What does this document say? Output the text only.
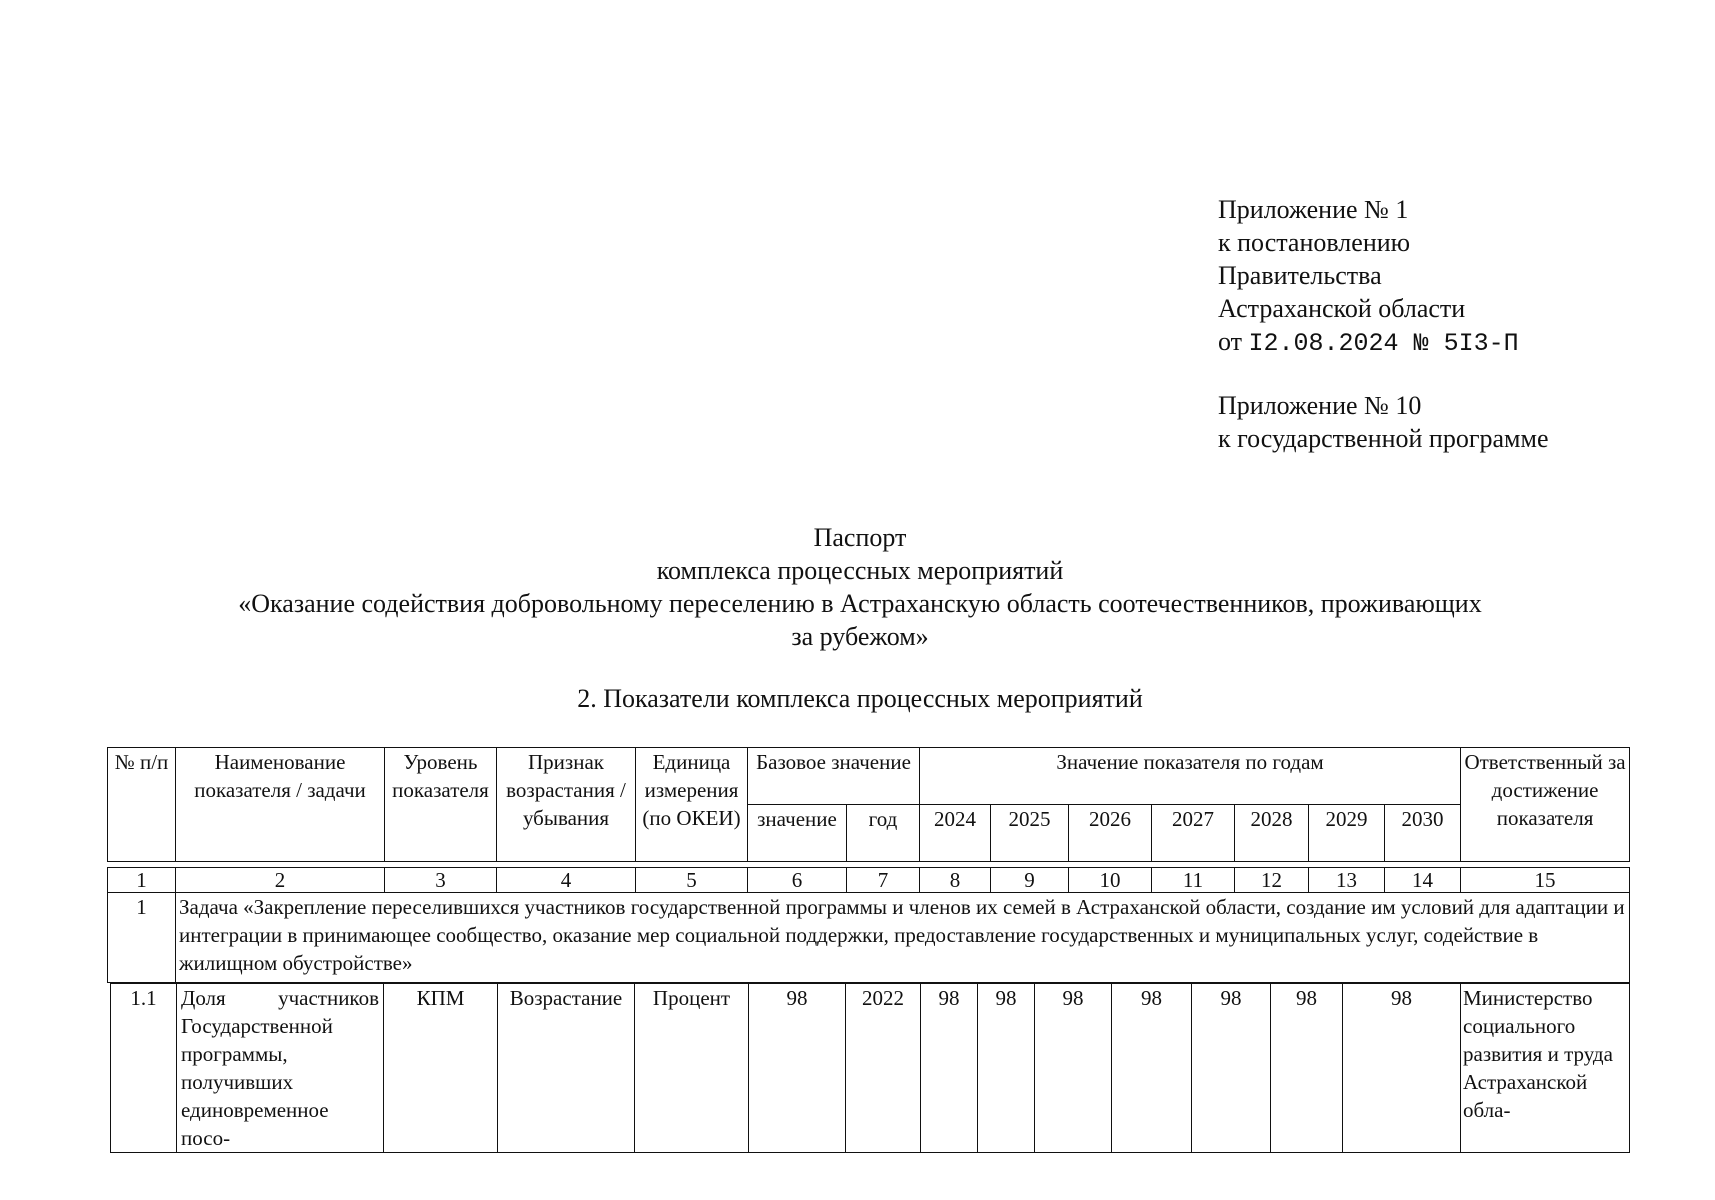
Приложение № 1
к постановлению
Правительства
Астраханской области
от I2.08.2024 № 5I3-П
Приложение № 10
к государственной программе
Паспорт
комплекса процессных мероприятий
«Оказание содействия добровольному переселению в Астраханскую область соотечественников, проживающих
за рубежом»
2. Показатели комплекса процессных мероприятий
№ п/п	Наименование показателя / задачи	Уровень показателя	Признак возрастания / убывания	Единица измерения (по ОКЕИ)	Базовое значение		Значение показателя по годам							Ответственный за достижение показателя
					значение	год	2024	2025	2026	2027	2028	2029	2030	
1	2	3	4	5	6	7	8	9	10	11	12	13	14	15
1	Задача «Закрепление переселившихся участников государственной программы и членов их семей в Астраханской области, создание им условий для адаптации и интеграции в принимающее сообщество, оказание мер социальной поддержки, предоставление государственных и муниципальных услуг, содействие в жилищном обустройстве»
1.1	Доля участников Государственной программы, получивших единовременное посо-	КПМ	Возрастание	Процент	98	2022	98	98	98	98	98	98	98	Министерство социального развития и труда Астраханской обла-
